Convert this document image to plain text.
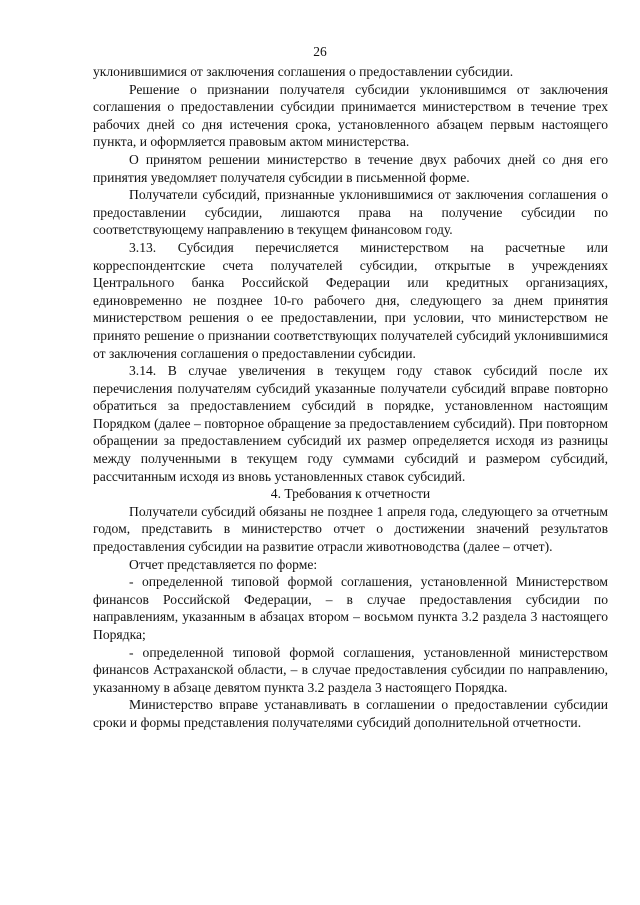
26

уклонившимися от заключения соглашения о предоставлении субсидии.

Решение о признании получателя субсидии уклонившимся от заключения соглашения о предоставлении субсидии принимается министерством в течение трех рабочих дней со дня истечения срока, установленного абзацем первым настоящего пункта, и оформляется правовым актом министерства.

О принятом решении министерство в течение двух рабочих дней со дня его принятия уведомляет получателя субсидии в письменной форме.

Получатели субсидий, признанные уклонившимися от заключения соглашения о предоставлении субсидии, лишаются права на получение субсидии по соответствующему направлению в текущем финансовом году.

3.13. Субсидия перечисляется министерством на расчетные или корреспондентские счета получателей субсидии, открытые в учреждениях Центрального банка Российской Федерации или кредитных организациях, единовременно не позднее 10-го рабочего дня, следующего за днем принятия министерством решения о ее предоставлении, при условии, что министерством не принято решение о признании соответствующих получателей субсидий уклонившимися от заключения соглашения о предоставлении субсидии.

3.14. В случае увеличения в текущем году ставок субсидий после их перечисления получателям субсидий указанные получатели субсидий вправе повторно обратиться за предоставлением субсидий в порядке, установленном настоящим Порядком (далее – повторное обращение за предоставлением субсидий). При повторном обращении за предоставлением субсидий их размер определяется исходя из разницы между полученными в текущем году суммами субсидий и размером субсидий, рассчитанным исходя из вновь установленных ставок субсидий.

4. Требования к отчетности

Получатели субсидий обязаны не позднее 1 апреля года, следующего за отчетным годом, представить в министерство отчет о достижении значений результатов предоставления субсидии на развитие отрасли животноводства (далее – отчет).

Отчет представляется по форме:

- определенной типовой формой соглашения, установленной Министерством финансов Российской Федерации, – в случае предоставления субсидии по направлениям, указанным в абзацах втором – восьмом пункта 3.2 раздела 3 настоящего Порядка;

- определенной типовой формой соглашения, установленной министерством финансов Астраханской области, – в случае предоставления субсидии по направлению, указанному в абзаце девятом пункта 3.2 раздела 3 настоящего Порядка.

Министерство вправе устанавливать в соглашении о предоставлении субсидии сроки и формы представления получателями субсидий дополнительной отчетности.
